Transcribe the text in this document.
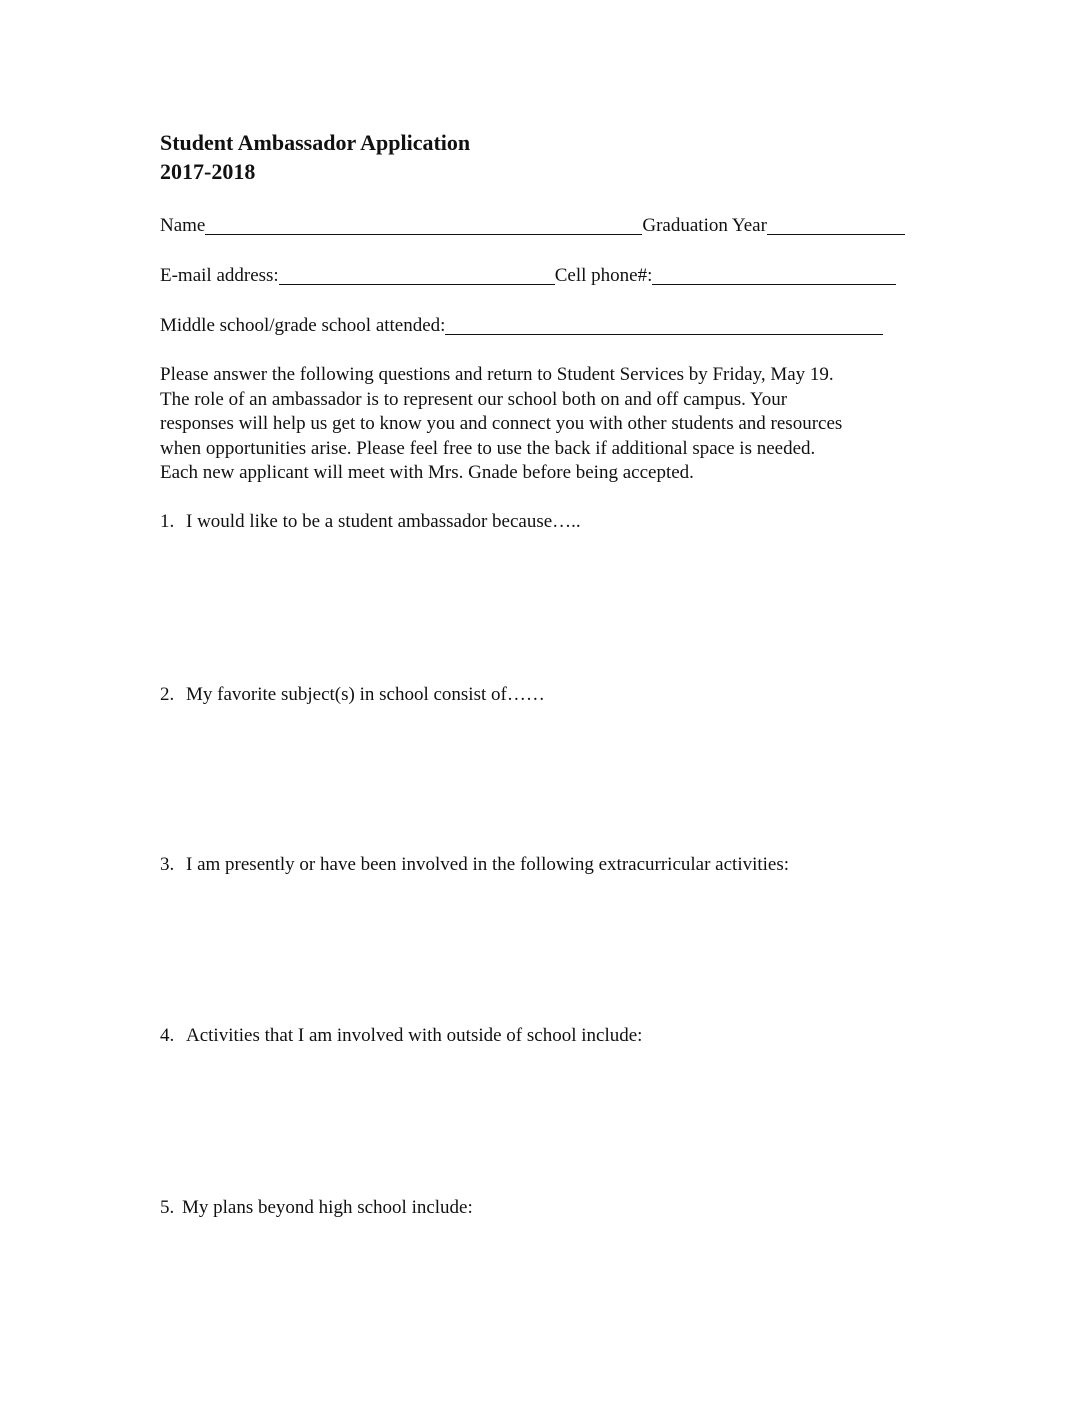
Student Ambassador Application
2017-2018
Name	Graduation Year
E-mail address:	Cell phone#:
Middle school/grade school attended:

Please answer the following questions and return to Student Services by Friday, May 19.
The role of an ambassador is to represent our school both on and off campus. Your
responses will help us get to know you and connect you with other students and resources
when opportunities arise. Please feel free to use the back if additional space is needed.
Each new applicant will meet with Mrs. Gnade before being accepted.

1. I would like to be a student ambassador because…..

2. My favorite subject(s) in school consist of……

3. I am presently or have been involved in the following extracurricular activities:

4. Activities that I am involved with outside of school include:

5. My plans beyond high school include:
